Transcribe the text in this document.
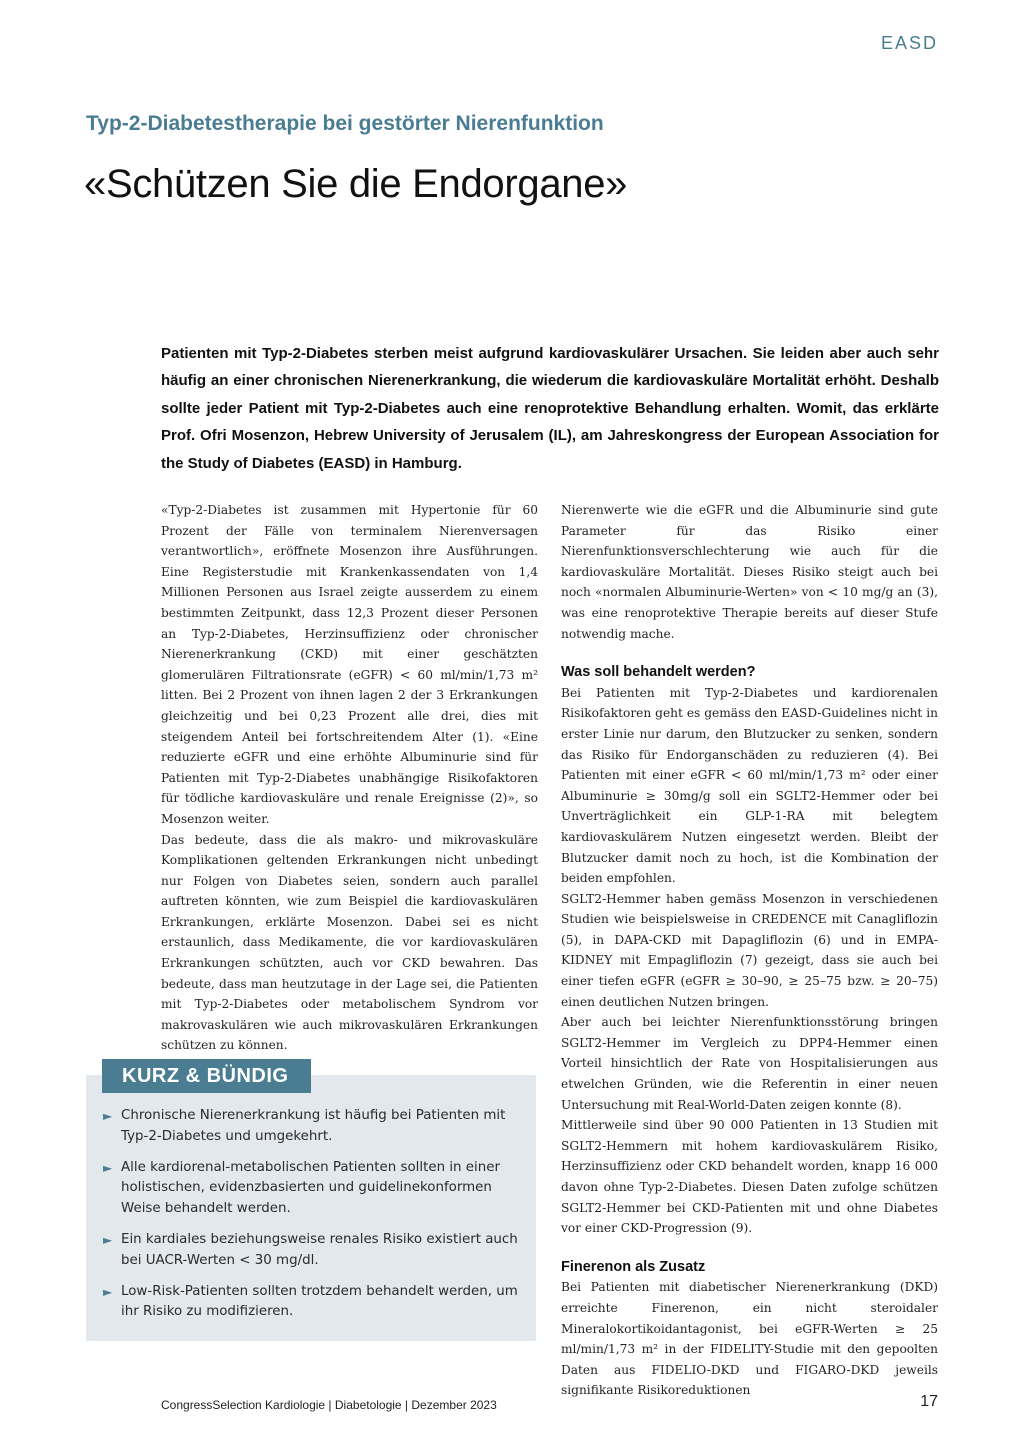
EASD
Typ-2-Diabetestherapie bei gestörter Nierenfunktion
«Schützen Sie die Endorgane»

Patienten mit Typ-2-Diabetes sterben meist aufgrund kardiovaskulärer Ursachen. Sie leiden aber auch sehr häufig an einer chronischen Nierenerkrankung, die wiederum die kardiovaskuläre Mortalität erhöht. Deshalb sollte jeder Patient mit Typ-2-Diabetes auch eine renoprotektive Behandlung erhalten. Womit, das erklärte Prof. Ofri Mosenzon, Hebrew University of Jerusalem (IL), am Jahreskongress der European Association for the Study of Diabetes (EASD) in Hamburg.

«Typ-2-Diabetes ist zusammen mit Hypertonie für 60 Prozent der Fälle von terminalem Nierenversagen verantwortlich», eröffnete Mosenzon ihre Ausführungen. Eine Registerstudie mit Krankenkassendaten von 1,4 Millionen Personen aus Israel zeigte ausserdem zu einem bestimmten Zeitpunkt, dass 12,3 Prozent dieser Personen an Typ-2-Diabetes, Herzinsuffizienz oder chronischer Nierenerkrankung (CKD) mit einer geschätzten glomerulären Filtrationsrate (eGFR) < 60 ml/min/1,73 m² litten. Bei 2 Prozent von ihnen lagen 2 der 3 Erkrankungen gleichzeitig und bei 0,23 Prozent alle drei, dies mit steigendem Anteil bei fortschreitendem Alter (1). «Eine reduzierte eGFR und eine erhöhte Albuminurie sind für Patienten mit Typ-2-Diabetes unabhängige Risikofaktoren für tödliche kardiovaskuläre und renale Ereignisse (2)», so Mosenzon weiter.

Das bedeute, dass die als makro- und mikrovaskuläre Komplikationen geltenden Erkrankungen nicht unbedingt nur Folgen von Diabetes seien, sondern auch parallel auftreten könnten, wie zum Beispiel die kardiovaskulären Erkrankungen, erklärte Mosenzon. Dabei sei es nicht erstaunlich, dass Medikamente, die vor kardiovaskulären Erkrankungen schützten, auch vor CKD bewahren. Das bedeute, dass man heutzutage in der Lage sei, die Patienten mit Typ-2-Diabetes oder metabolischem Syndrom vor makrovaskulären wie auch mikrovaskulären Erkrankungen schützen zu können.

Nierenwerte wie die eGFR und die Albuminurie sind gute Parameter für das Risiko einer Nierenfunktionsverschlechterung wie auch für die kardiovaskuläre Mortalität. Dieses Risiko steigt auch bei noch «normalen Albuminurie-Werten» von < 10 mg/g an (3), was eine renoprotektive Therapie bereits auf dieser Stufe notwendig mache.

Was soll behandelt werden?

Bei Patienten mit Typ-2-Diabetes und kardiorenalen Risikofaktoren geht es gemäss den EASD-Guidelines nicht in erster Linie nur darum, den Blutzucker zu senken, sondern das Risiko für Endorganschäden zu reduzieren (4). Bei Patienten mit einer eGFR < 60 ml/min/1,73 m² oder einer Albuminurie ≥ 30mg/g soll ein SGLT2-Hemmer oder bei Unverträglichkeit ein GLP-1-RA mit belegtem kardiovaskulärem Nutzen eingesetzt werden. Bleibt der Blutzucker damit noch zu hoch, ist die Kombination der beiden empfohlen.

SGLT2-Hemmer haben gemäss Mosenzon in verschiedenen Studien wie beispielsweise in CREDENCE mit Canagliflozin (5), in DAPA-CKD mit Dapagliflozin (6) und in EMPA-KIDNEY mit Empagliflozin (7) gezeigt, dass sie auch bei einer tiefen eGFR (eGFR ≥ 30–90, ≥ 25–75 bzw. ≥ 20–75) einen deutlichen Nutzen bringen.

Aber auch bei leichter Nierenfunktionsstörung bringen SGLT2-Hemmer im Vergleich zu DPP4-Hemmer einen Vorteil hinsichtlich der Rate von Hospitalisierungen aus etwelchen Gründen, wie die Referentin in einer neuen Untersuchung mit Real-World-Daten zeigen konnte (8).

Mittlerweile sind über 90 000 Patienten in 13 Studien mit SGLT2-Hemmern mit hohem kardiovaskulärem Risiko, Herzinsuffizienz oder CKD behandelt worden, knapp 16 000 davon ohne Typ-2-Diabetes. Diesen Daten zufolge schützen SGLT2-Hemmer bei CKD-Patienten mit und ohne Diabetes vor einer CKD-Progression (9).

Finerenon als Zusatz

Bei Patienten mit diabetischer Nierenerkrankung (DKD) erreichte Finerenon, ein nicht steroidaler Mineralokortikoidantagonist, bei eGFR-Werten ≥ 25 ml/min/1,73 m² in der FIDELITY-Studie mit den gepoolten Daten aus FIDELIO-DKD und FIGARO-DKD jeweils signifikante Risikoreduktionen

KURZ & BÜNDIG
► Chronische Nierenerkrankung ist häufig bei Patienten mit Typ-2-Diabetes und umgekehrt.
► Alle kardiorenal-metabolischen Patienten sollten in einer holistischen, evidenzbasierten und guidelinekonformen Weise behandelt werden.
► Ein kardiales beziehungsweise renales Risiko existiert auch bei UACR-Werten < 30 mg/dl.
► Low-Risk-Patienten sollten trotzdem behandelt werden, um ihr Risiko zu modifizieren.
CongressSelection Kardiologie | Diabetologie | Dezember 2023	17
